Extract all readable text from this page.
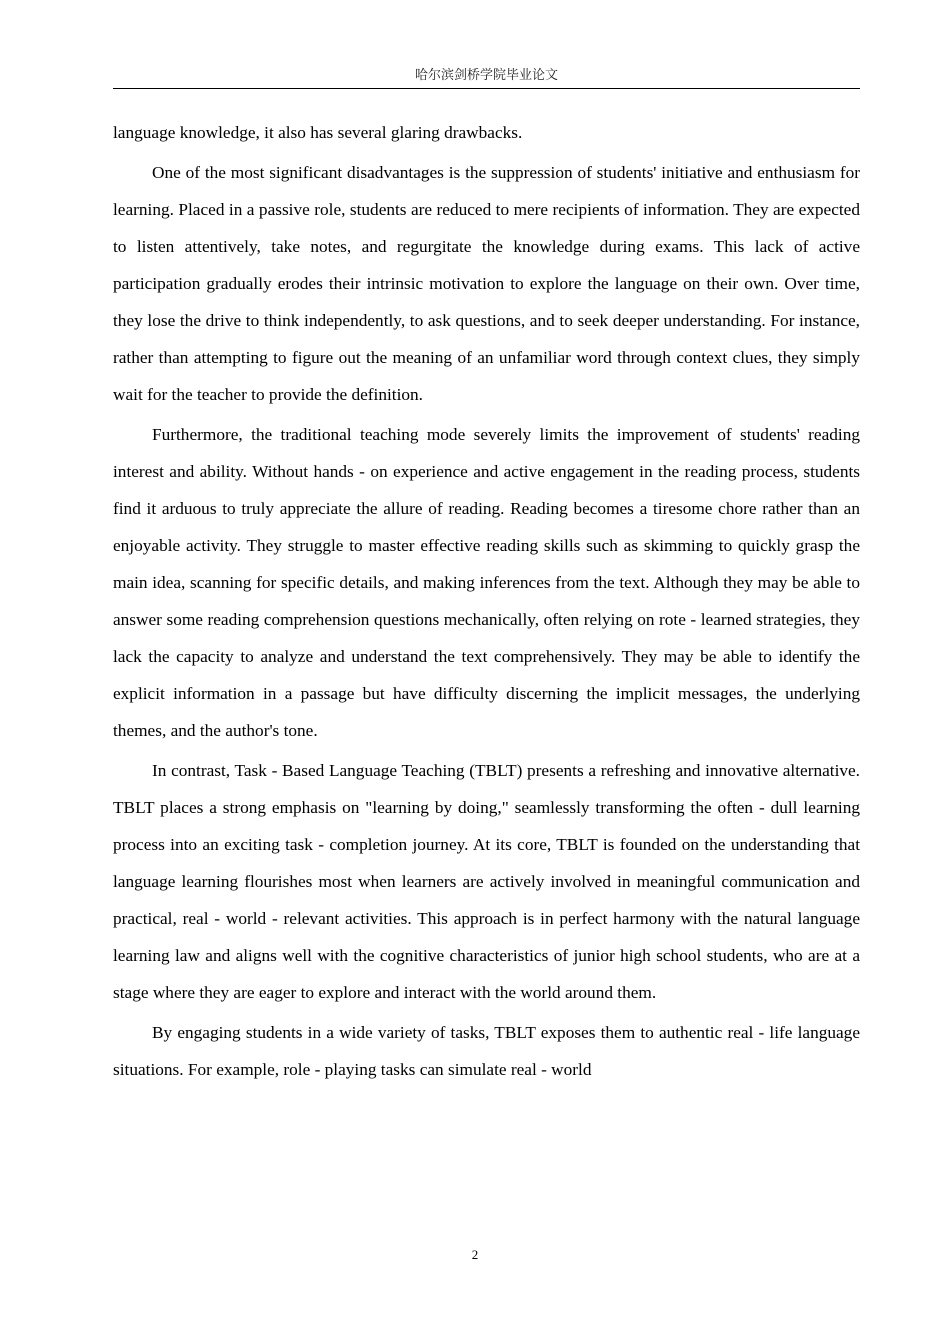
哈尔滨剑桥学院毕业论文

language knowledge, it also has several glaring drawbacks.

One of the most significant disadvantages is the suppression of students' initiative and enthusiasm for learning. Placed in a passive role, students are reduced to mere recipients of information. They are expected to listen attentively, take notes, and regurgitate the knowledge during exams. This lack of active participation gradually erodes their intrinsic motivation to explore the language on their own. Over time, they lose the drive to think independently, to ask questions, and to seek deeper understanding. For instance, rather than attempting to figure out the meaning of an unfamiliar word through context clues, they simply wait for the teacher to provide the definition.

Furthermore, the traditional teaching mode severely limits the improvement of students' reading interest and ability. Without hands - on experience and active engagement in the reading process, students find it arduous to truly appreciate the allure of reading. Reading becomes a tiresome chore rather than an enjoyable activity. They struggle to master effective reading skills such as skimming to quickly grasp the main idea, scanning for specific details, and making inferences from the text. Although they may be able to answer some reading comprehension questions mechanically, often relying on rote - learned strategies, they lack the capacity to analyze and understand the text comprehensively. They may be able to identify the explicit information in a passage but have difficulty discerning the implicit messages, the underlying themes, and the author's tone.

In contrast, Task - Based Language Teaching (TBLT) presents a refreshing and innovative alternative. TBLT places a strong emphasis on "learning by doing," seamlessly transforming the often - dull learning process into an exciting task - completion journey. At its core, TBLT is founded on the understanding that language learning flourishes most when learners are actively involved in meaningful communication and practical, real - world - relevant activities. This approach is in perfect harmony with the natural language learning law and aligns well with the cognitive characteristics of junior high school students, who are at a stage where they are eager to explore and interact with the world around them.

By engaging students in a wide variety of tasks, TBLT exposes them to authentic real - life language situations. For example, role - playing tasks can simulate real - world

2
